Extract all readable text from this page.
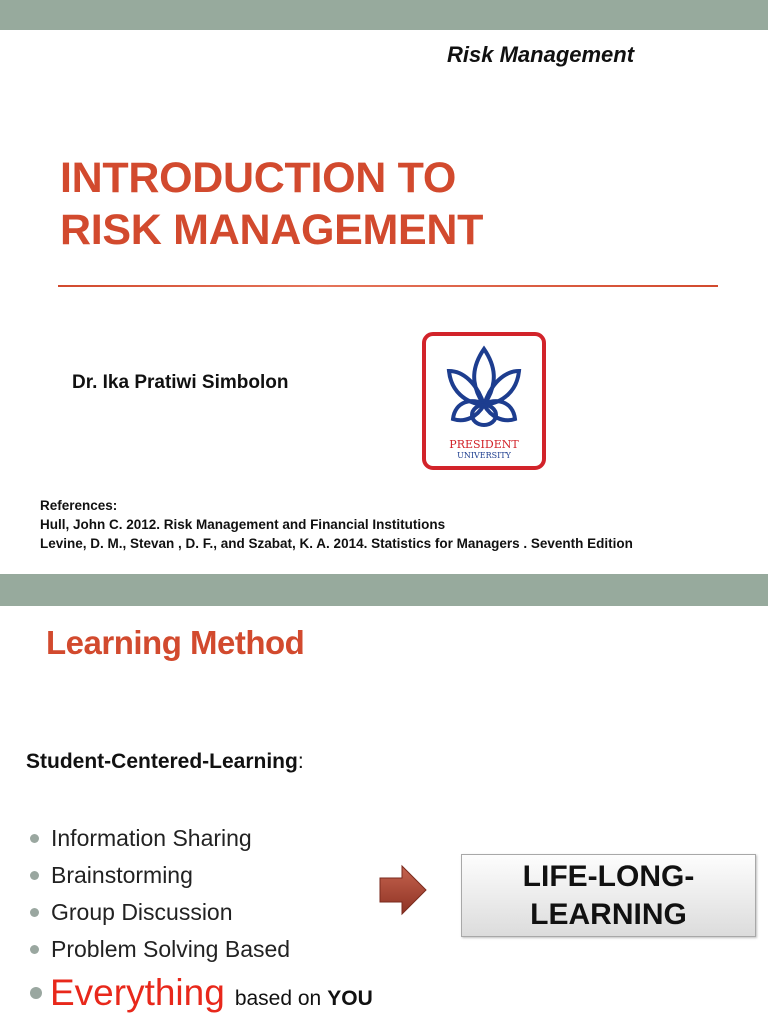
Risk Management
INTRODUCTION TO
RISK MANAGEMENT
Dr. Ika Pratiwi Simbolon
PRESIDENT
UNIVERSITY
References:
Hull, John C. 2012. Risk Management and Financial Institutions
Levine, D. M., Stevan , D. F., and Szabat, K. A. 2014. Statistics for Managers . Seventh Edition
Learning Method
Student-Centered-Learning:
Information Sharing
Brainstorming
Group Discussion
Problem Solving Based
Everything based on YOU
LIFE-LONG-
LEARNING
